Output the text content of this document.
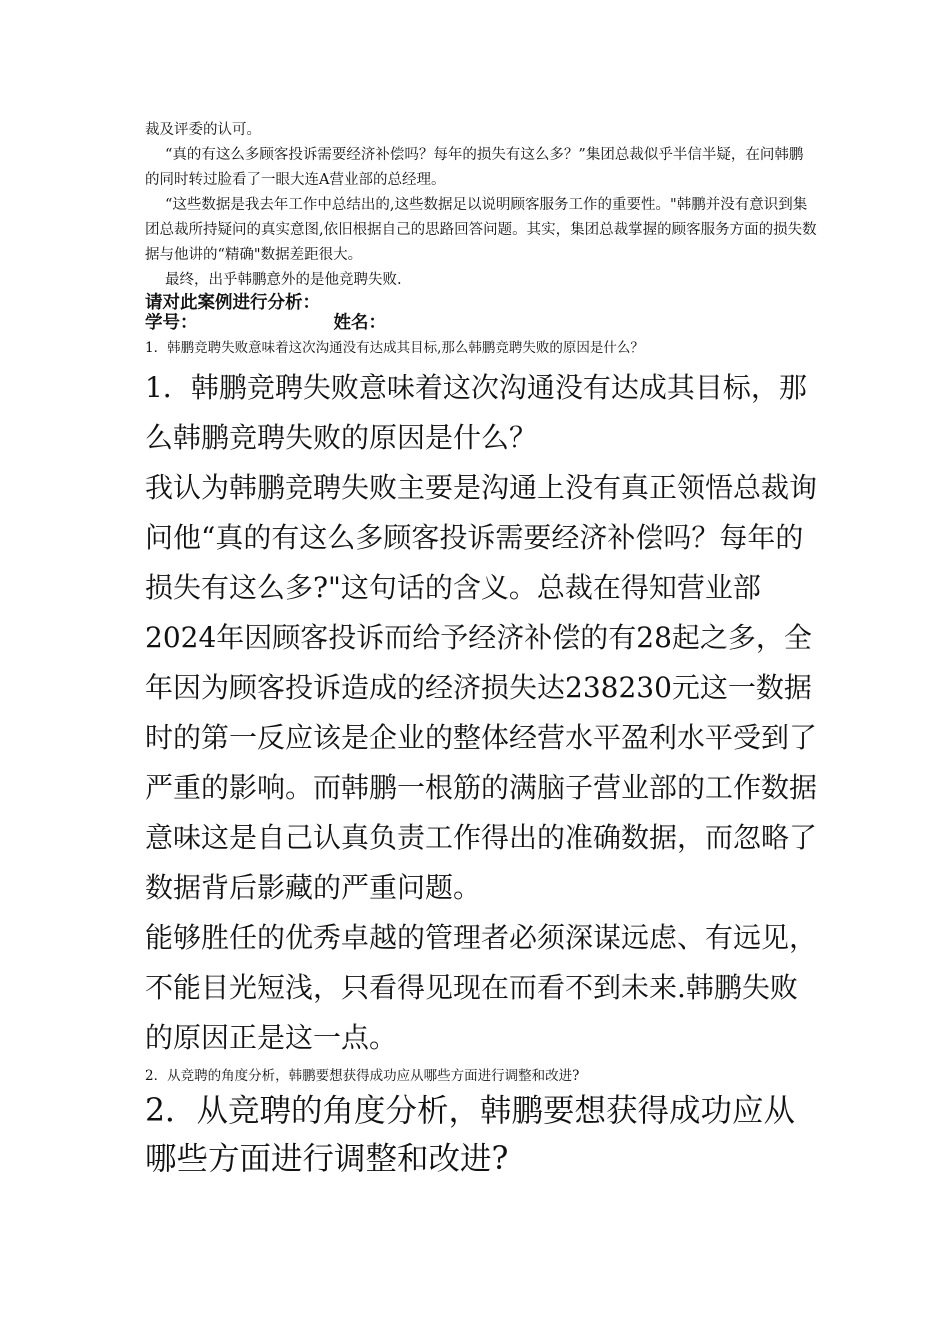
裁及评委的认可。

“真的有这么多顾客投诉需要经济补偿吗？每年的损失有这么多？”集团总裁似乎半信半疑，在问韩鹏的同时转过脸看了一眼大连A营业部的总经理。

“这些数据是我去年工作中总结出的,这些数据足以说明顾客服务工作的重要性。"韩鹏并没有意识到集团总裁所持疑问的真实意图,依旧根据自己的思路回答问题。其实，集团总裁掌握的顾客服务方面的损失数据与他讲的“精确"数据差距很大。

最终，出乎韩鹏意外的是他竞聘失败.

请对此案例进行分析：

学号：	姓名：

1．韩鹏竞聘失败意味着这次沟通没有达成其目标,那么韩鹏竞聘失败的原因是什么？

1．韩鹏竞聘失败意味着这次沟通没有达成其目标，那么韩鹏竞聘失败的原因是什么？

我认为韩鹏竞聘失败主要是沟通上没有真正领悟总裁询问他“真的有这么多顾客投诉需要经济补偿吗？每年的损失有这么多?"这句话的含义。总裁在得知营业部2024年因顾客投诉而给予经济补偿的有28起之多，全年因为顾客投诉造成的经济损失达238230元这一数据时的第一反应该是企业的整体经营水平盈利水平受到了严重的影响。而韩鹏一根筋的满脑子营业部的工作数据意味这是自己认真负责工作得出的准确数据，而忽略了数据背后影藏的严重问题。

能够胜任的优秀卓越的管理者必须深谋远虑、有远见，不能目光短浅，只看得见现在而看不到未来.韩鹏失败的原因正是这一点。

2．从竞聘的角度分析，韩鹏要想获得成功应从哪些方面进行调整和改进?

2．从竞聘的角度分析，韩鹏要想获得成功应从哪些方面进行调整和改进?
